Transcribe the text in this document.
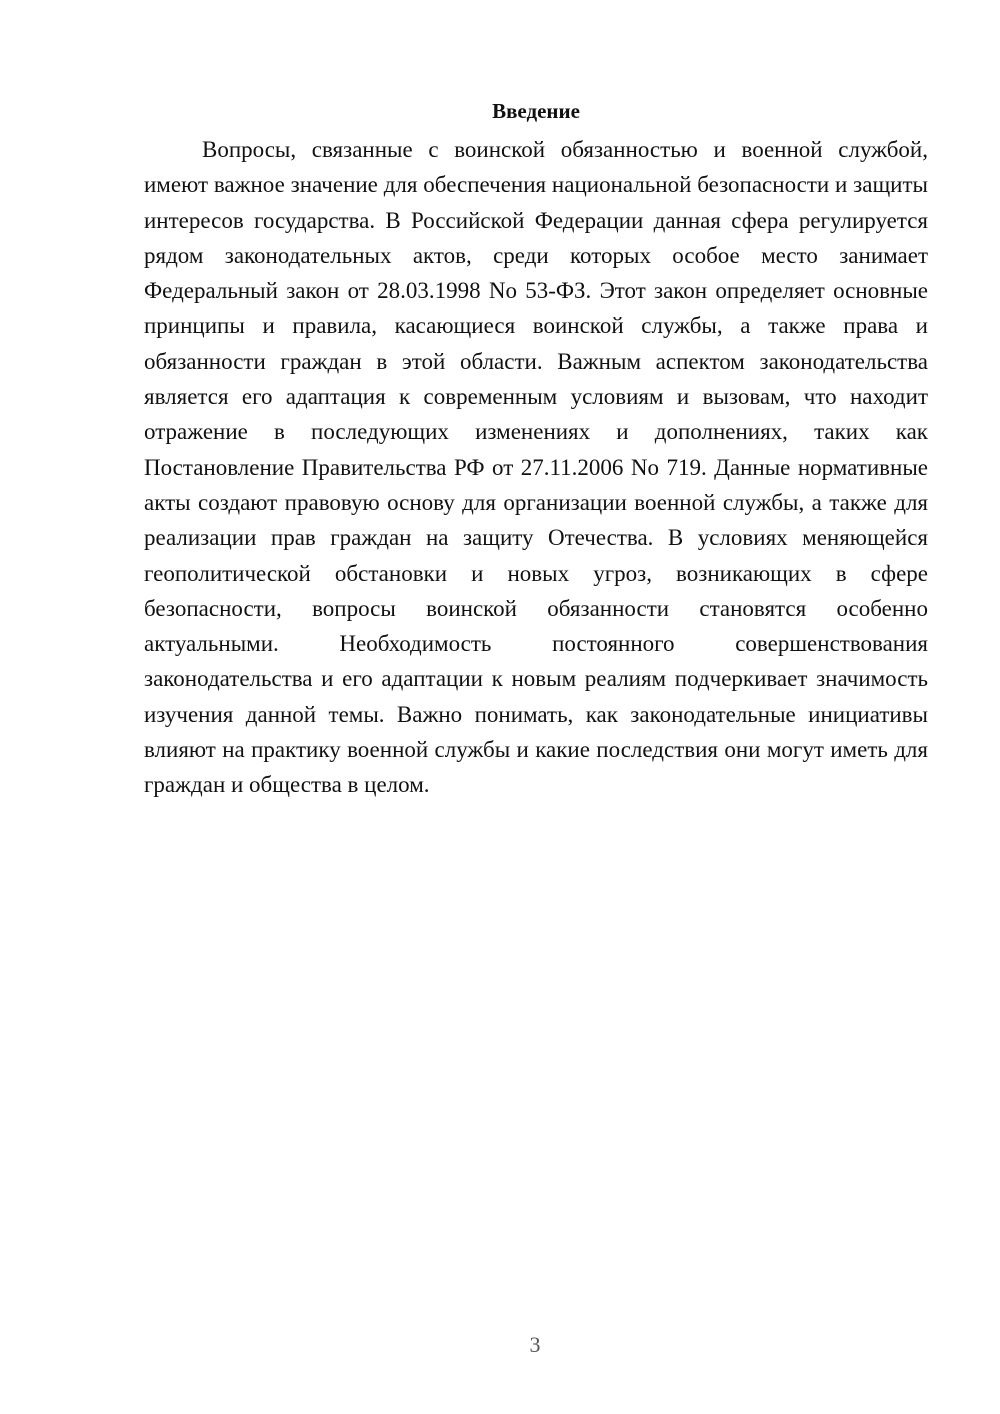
Введение

Вопросы, связанные с воинской обязанностью и военной службой, имеют важное значение для обеспечения национальной безопасности и защиты интересов государства. В Российской Федерации данная сфера регулируется рядом законодательных актов, среди которых особое место занимает Федеральный закон от 28.03.1998 No 53-ФЗ. Этот закон определяет основные принципы и правила, касающиеся воинской службы, а также права и обязанности граждан в этой области. Важным аспектом законодательства является его адаптация к современным условиям и вызовам, что находит отражение в последующих изменениях и дополнениях, таких как Постановление Правительства РФ от 27.11.2006 No 719. Данные нормативные акты создают правовую основу для организации военной службы, а также для реализации прав граждан на защиту Отечества. В условиях меняющейся геополитической обстановки и новых угроз, возникающих в сфере безопасности, вопросы воинской обязанности становятся особенно актуальными. Необходимость постоянного совершенствования законодательства и его адаптации к новым реалиям подчеркивает значимость изучения данной темы. Важно понимать, как законодательные инициативы влияют на практику военной службы и какие последствия они могут иметь для граждан и общества в целом.

3
